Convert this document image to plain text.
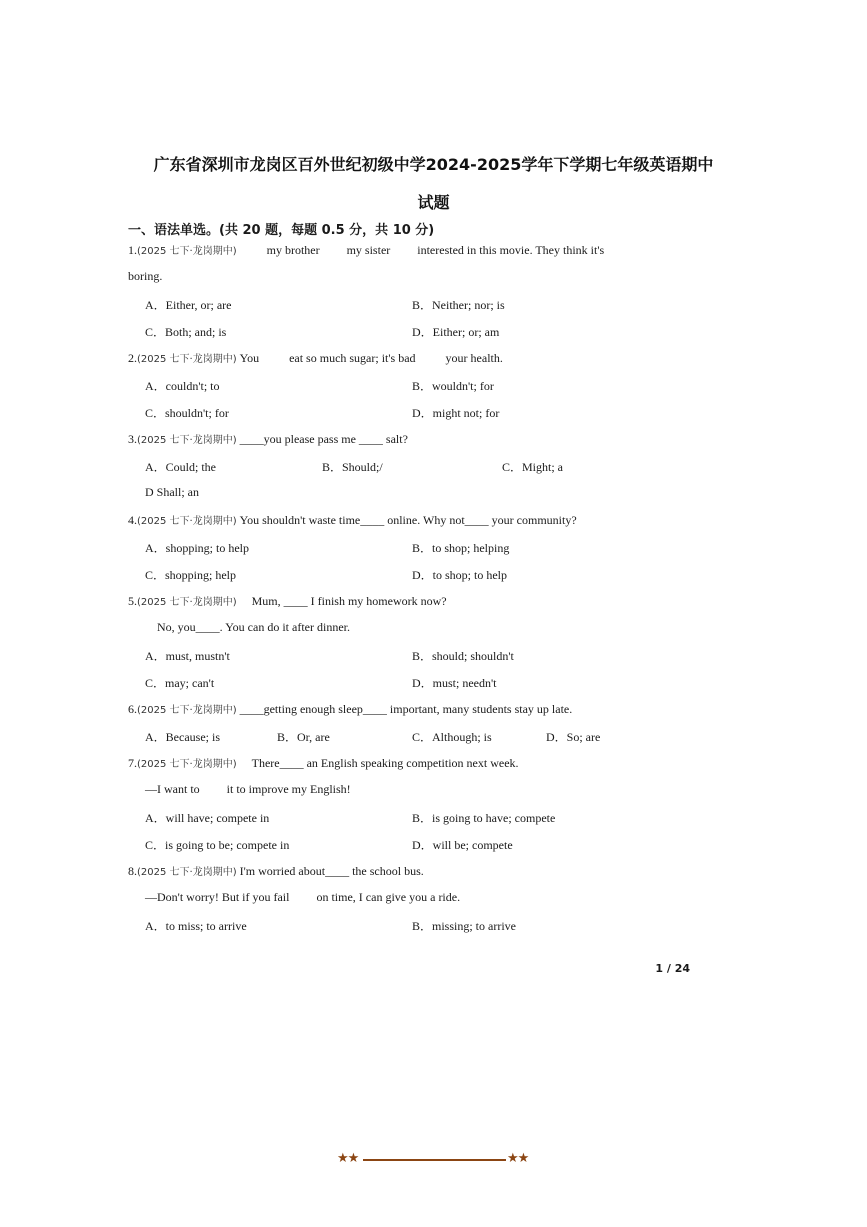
广东省深圳市龙岗区百外世纪初级中学2024-2025学年下学期七年级英语期中
试题
一、语法单选。(共 20 题，每题 0.5 分，共 10 分)
1.(2025 七下·龙岗期中)          my brother         my sister         interested in this movie. They think it's
boring.
A．Either, or; are	B．Neither; nor; is
C．Both; and; is	D．Either; or; am
2.(2025 七下·龙岗期中) You          eat so much sugar; it's bad          your health.
A．couldn't; to	B．wouldn't; for
C．shouldn't; for	D．might not; for
3.(2025 七下·龙岗期中) ____you please pass me ____ salt?
A．Could; the	B．Should;/	C．Might; a
D Shall; an
4.(2025 七下·龙岗期中) You shouldn't waste time____ online. Why not____ your community?
A．shopping; to help	B．to shop; helping
C．shopping; help	D．to shop; to help
5.(2025 七下·龙岗期中)     Mum, ____ I finish my homework now?
No, you____. You can do it after dinner.
A．must, mustn't	B．should; shouldn't
C．may; can't	D．must; needn't
6.(2025 七下·龙岗期中) ____getting enough sleep____ important, many students stay up late.
A．Because; is	B．Or, are	C．Although; is	D．So; are
7.(2025 七下·龙岗期中)     There____ an English speaking competition next week.
—I want to         it to improve my English!
A．will have; compete in	B．is going to have; compete
C．is going to be; compete in	D．will be; compete
8.(2025 七下·龙岗期中) I'm worried about____ the school bus.
—Don't worry! But if you fail         on time, I can give you a ride.
A．to miss; to arrive	B．missing; to arrive
1 / 24
★★	★★
